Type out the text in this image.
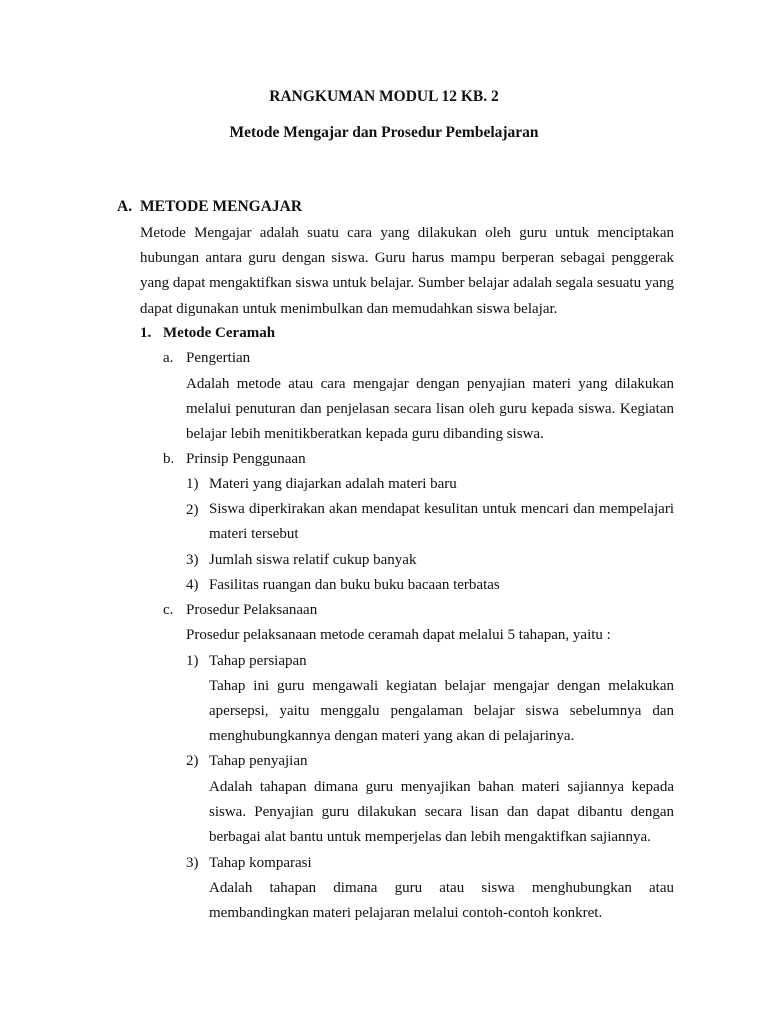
RANGKUMAN MODUL 12 KB. 2
Metode Mengajar dan Prosedur Pembelajaran
A. METODE MENGAJAR
Metode Mengajar adalah suatu cara yang dilakukan oleh guru untuk menciptakan hubungan antara guru dengan siswa. Guru harus mampu berperan sebagai penggerak yang dapat mengaktifkan siswa untuk belajar. Sumber belajar adalah segala sesuatu yang dapat digunakan untuk menimbulkan dan memudahkan siswa belajar.
1. Metode Ceramah
a. Pengertian
Adalah metode atau cara mengajar dengan penyajian materi yang dilakukan melalui penuturan dan penjelasan secara lisan oleh guru kepada siswa. Kegiatan belajar lebih menitikberatkan kepada guru dibanding siswa.
b. Prinsip Penggunaan
1) Materi yang diajarkan adalah materi baru
2) Siswa diperkirakan akan mendapat kesulitan untuk mencari dan mempelajari materi tersebut
3) Jumlah siswa relatif cukup banyak
4) Fasilitas ruangan dan buku buku bacaan terbatas
c. Prosedur Pelaksanaan
Prosedur pelaksanaan metode ceramah dapat melalui 5 tahapan, yaitu :
1) Tahap persiapan
Tahap ini guru mengawali kegiatan belajar mengajar dengan melakukan apersepsi, yaitu menggalu pengalaman belajar siswa sebelumnya dan menghubungkannya dengan materi yang akan di pelajarinya.
2) Tahap penyajian
Adalah tahapan dimana guru menyajikan bahan materi sajiannya kepada siswa. Penyajian guru dilakukan secara lisan dan dapat dibantu dengan berbagai alat bantu untuk memperjelas dan lebih mengaktifkan sajiannya.
3) Tahap komparasi
Adalah tahapan dimana guru atau siswa menghubungkan atau membandingkan materi pelajaran melalui contoh-contoh konkret.
